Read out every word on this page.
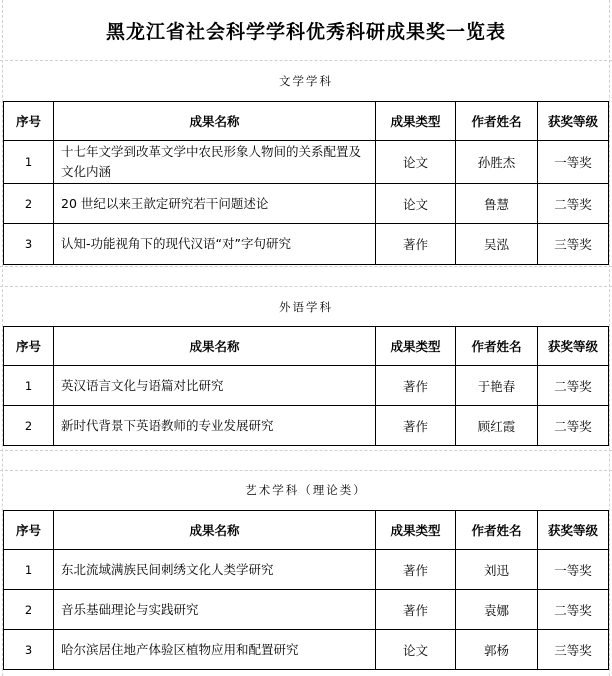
黑龙江省社会科学学科优秀科研成果奖一览表
文学学科
序号	成果名称	成果类型	作者姓名	获奖等级
1	十七年文学到改革文学中农民形象人物间的关系配置及文化内涵	论文	孙胜杰	一等奖
2	20 世纪以来王歆定研究若干问题述论	论文	鲁慧	二等奖
3	认知-功能视角下的现代汉语“对”字句研究	著作	吴泓	三等奖
外语学科
序号	成果名称	成果类型	作者姓名	获奖等级
1	英汉语言文化与语篇对比研究	著作	于艳春	二等奖
2	新时代背景下英语教师的专业发展研究	著作	顾红霞	二等奖
艺术学科（理论类）
序号	成果名称	成果类型	作者姓名	获奖等级
1	东北流域满族民间刺绣文化人类学研究	著作	刘迅	一等奖
2	音乐基础理论与实践研究	著作	袁娜	二等奖
3	哈尔滨居住地产体验区植物应用和配置研究	论文	郭杨	三等奖
